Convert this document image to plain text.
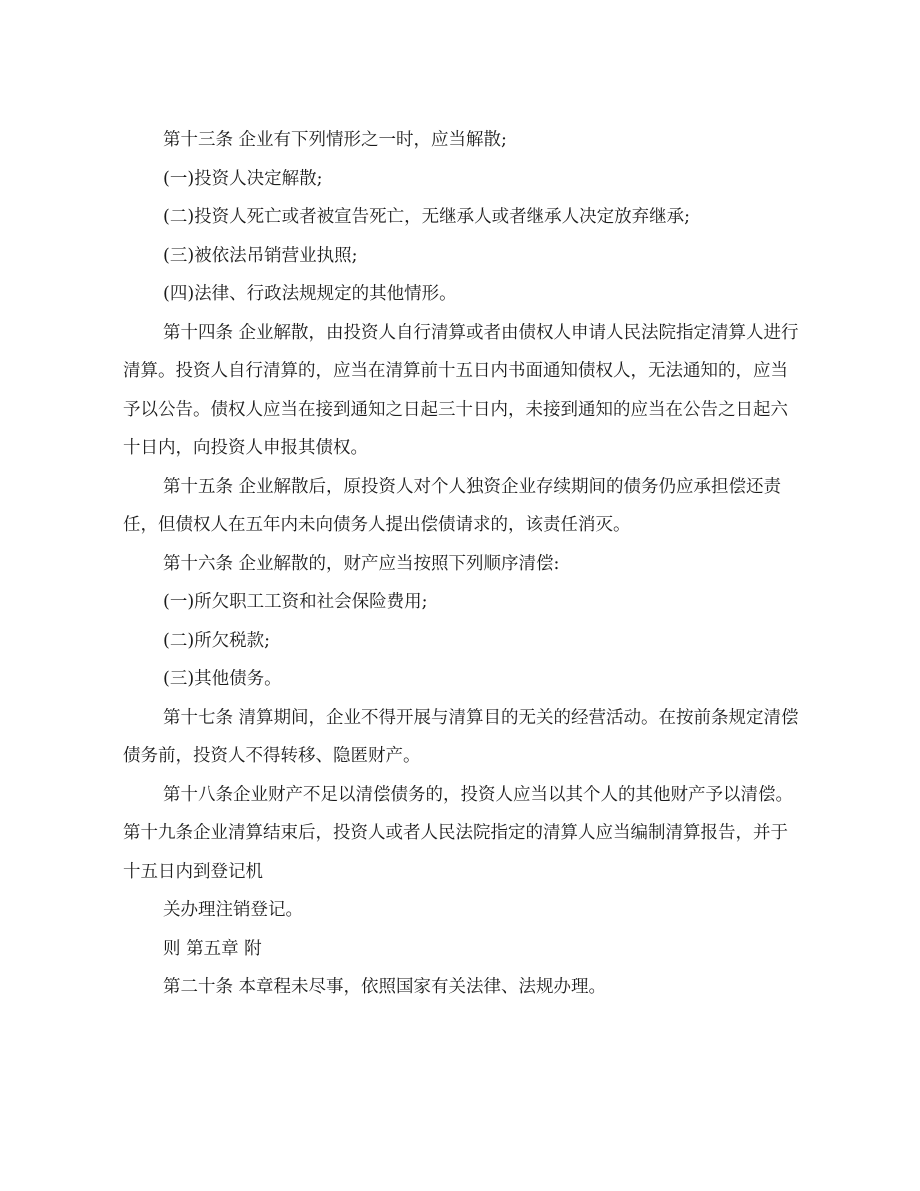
第十三条 企业有下列情形之一时，应当解散;

(一)投资人决定解散;

(二)投资人死亡或者被宣告死亡，无继承人或者继承人决定放弃继承;

(三)被依法吊销营业执照;

(四)法律、行政法规规定的其他情形。

第十四条 企业解散，由投资人自行清算或者由债权人申请人民法院指定清算人进行清算。投资人自行清算的，应当在清算前十五日内书面通知债权人，无法通知的，应当予以公告。债权人应当在接到通知之日起三十日内，未接到通知的应当在公告之日起六十日内，向投资人申报其债权。

第十五条 企业解散后，原投资人对个人独资企业存续期间的债务仍应承担偿还责任，但债权人在五年内未向债务人提出偿债请求的，该责任消灭。

第十六条 企业解散的，财产应当按照下列顺序清偿:

(一)所欠职工工资和社会保险费用;

(二)所欠税款;

(三)其他债务。

第十七条 清算期间，企业不得开展与清算目的无关的经营活动。在按前条规定清偿债务前，投资人不得转移、隐匿财产。

第十八条企业财产不足以清偿债务的，投资人应当以其个人的其他财产予以清偿。 第十九条企业清算结束后，投资人或者人民法院指定的清算人应当编制清算报告，并于十五日内到登记机

关办理注销登记。

则 第五章 附

第二十条 本章程未尽事，依照国家有关法律、法规办理。
